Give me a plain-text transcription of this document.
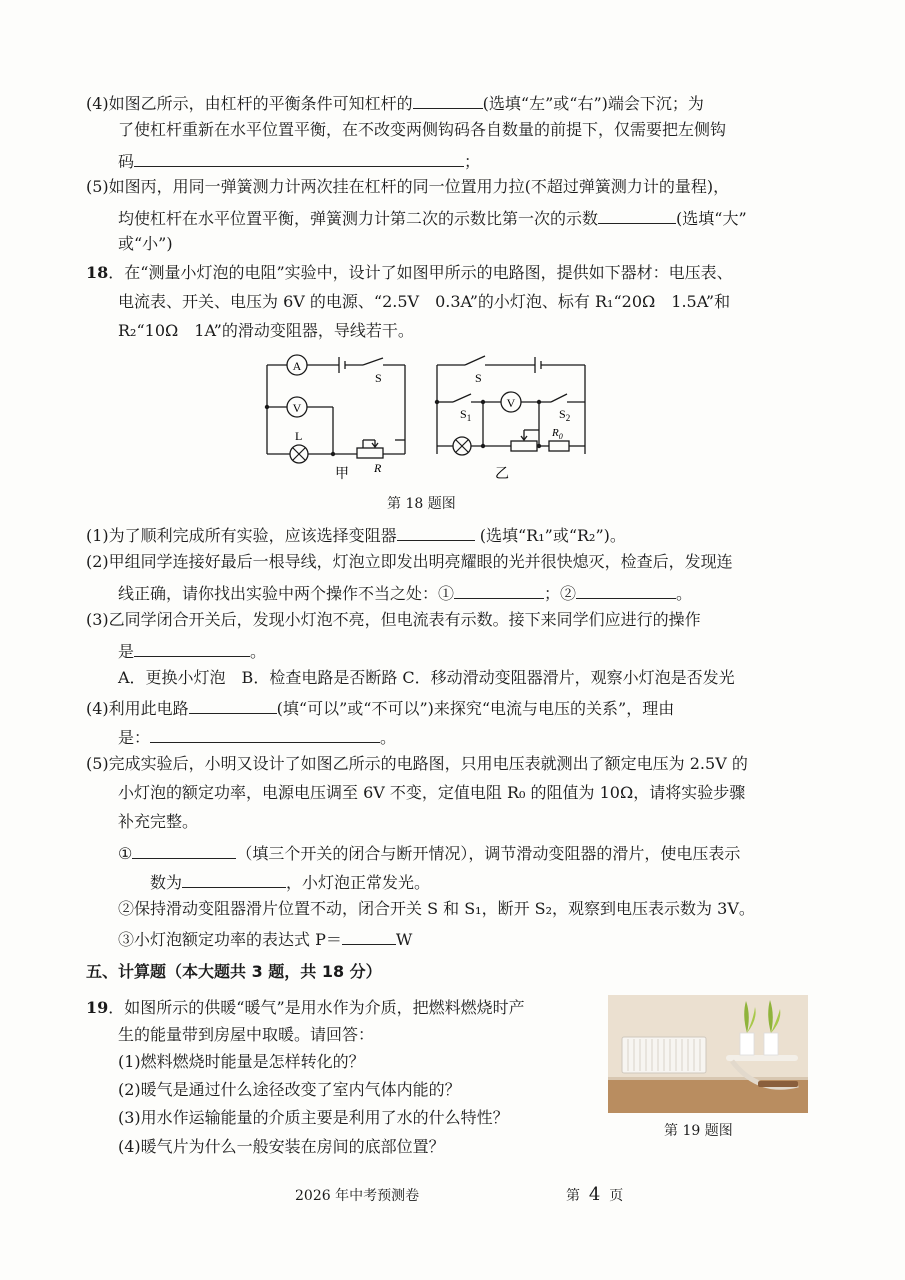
(4)如图乙所示，由杠杆的平衡条件可知杠杆的	(选填“左”或“右”)端会下沉；为
了使杠杆重新在水平位置平衡，在不改变两侧钩码各自数量的前提下，仅需要把左侧钩
码	；
(5)如图丙，用同一弹簧测力计两次挂在杠杆的同一位置用力拉(不超过弹簧测力计的量程)，
均使杠杆在水平位置平衡，弹簧测力计第二次的示数比第一次的示数	(选填“大”
或“小”)
18．在“测量小灯泡的电阻”实验中，设计了如图甲所示的电路图，提供如下器材：电压表、
电流表、开关、电压为 6V 的电源、“2.5V　0.3A”的小灯泡、标有 R₁“20Ω　1.5A”和
R₂“10Ω　1A”的滑动变阻器，导线若干。
A
V
S
L
R
甲
V
S
$S_1$	$S_2$
$R_0$
乙
第 18 题图
(1)为了顺利完成所有实验，应该选择变阻器	(选填“R₁”或“R₂”)。
(2)甲组同学连接好最后一根导线，灯泡立即发出明亮耀眼的光并很快熄灭，检查后，发现连
线正确，请你找出实验中两个操作不当之处：①	；②	。
(3)乙同学闭合开关后，发现小灯泡不亮，但电流表有示数。接下来同学们应进行的操作
是	。
A．更换小灯泡　B．检查电路是否断路 C．移动滑动变阻器滑片，观察小灯泡是否发光
(4)利用此电路	(填“可以”或“不可以”)来探究“电流与电压的关系”，理由
是：	。
(5)完成实验后，小明又设计了如图乙所示的电路图，只用电压表就测出了额定电压为 2.5V 的
小灯泡的额定功率，电源电压调至 6V 不变，定值电阻 R₀ 的阻值为 10Ω，请将实验步骤
补充完整。
①	（填三个开关的闭合与断开情况），调节滑动变阻器的滑片，使电压表示
数为	，小灯泡正常发光。
②保持滑动变阻器滑片位置不动，闭合开关 S 和 S₁，断开 S₂，观察到电压表示数为 3V。
③小灯泡额定功率的表达式 P＝	W
五、计算题（本大题共 3 题，共 18 分）
19．如图所示的供暖“暖气”是用水作为介质，把燃料燃烧时产
生的能量带到房屋中取暖。请回答：
(1)燃料燃烧时能量是怎样转化的？
(2)暖气是通过什么途径改变了室内气体内能的？
(3)用水作运输能量的介质主要是利用了水的什么特性？
(4)暖气片为什么一般安装在房间的底部位置？
第 19 题图
2026 年中考预测卷	第 4 页
